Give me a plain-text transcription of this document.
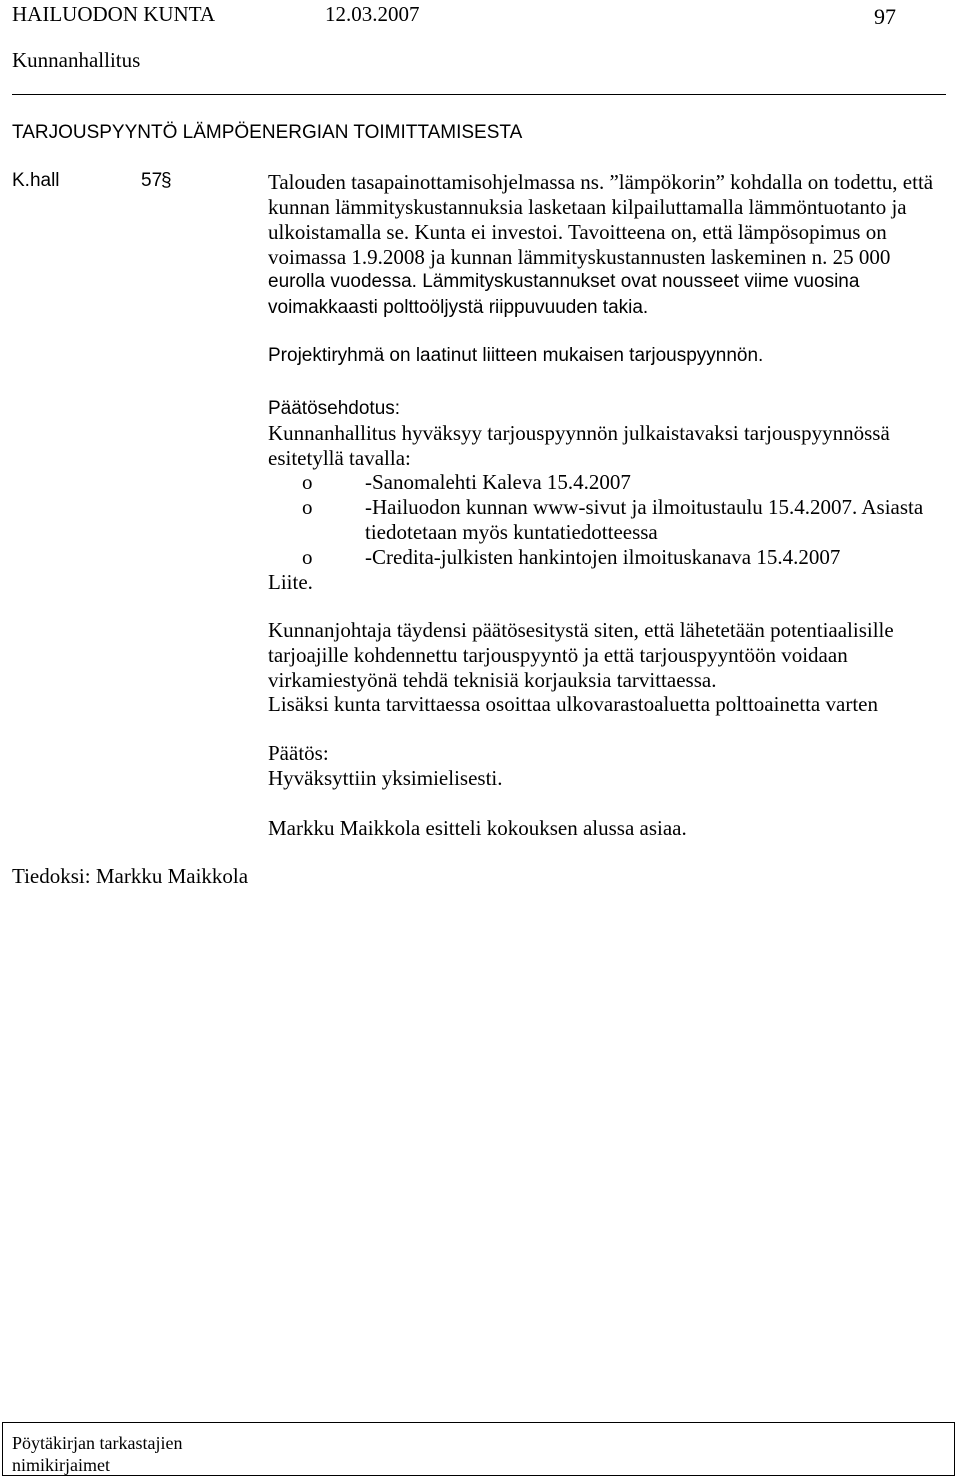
HAILUODON KUNTA	12.03.2007	97
Kunnanhallitus
TARJOUSPYYNTÖ LÄMPÖENERGIAN TOIMITTAMISESTA
K.hall	57
§	Talouden tasapainottamisohjelmassa ns. ”lämpökorin” kohdalla on todettu, että
kunnan lämmityskustannuksia lasketaan kilpailuttamalla lämmöntuotanto ja
ulkoistamalla se. Kunta ei investoi. Tavoitteena on, että lämpösopimus on
voimassa 1.9.2008 ja kunnan lämmityskustannusten laskeminen n. 25 000
eurolla vuodessa. Lämmityskustannukset ovat nousseet viime vuosina
voimakkaasti polttoöljystä riippuvuuden takia.
Projektiryhmä on laatinut liitteen mukaisen tarjouspyynnön.
Päätösehdotus:
Kunnanhallitus hyväksyy tarjouspyynnön julkaistavaksi tarjouspyynnössä
esitetyllä tavalla:
o	-Sanomalehti Kaleva 15.4.2007
o	-Hailuodon kunnan www-sivut ja ilmoitustaulu 15.4.2007. Asiasta
tiedotetaan myös kuntatiedotteessa
o	-Credita-julkisten hankintojen ilmoituskanava 15.4.2007
Liite.
Kunnanjohtaja täydensi päätösesitystä siten, että lähetetään potentiaalisille
tarjoajille kohdennettu tarjouspyyntö ja että tarjouspyyntöön voidaan
virkamiestyönä tehdä teknisiä korjauksia tarvittaessa.
Lisäksi kunta tarvittaessa osoittaa ulkovarastoaluetta polttoainetta varten
Päätös:
Hyväksyttiin yksimielisesti.
Markku Maikkola esitteli kokouksen alussa asiaa.
Tiedoksi: Markku Maikkola
Pöytäkirjan tarkastajien
nimikirjaimet
